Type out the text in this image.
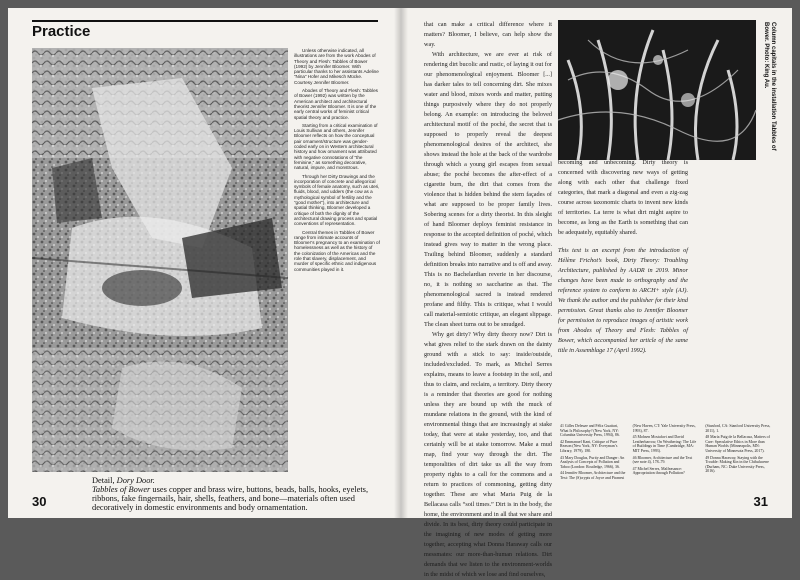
Practice

Unless otherwise indicated, all illustrations are from the work Abodes of Theory and Flesh: Tabbles of Bower (1992) by Jennifer Bloomer. With particular thanks to her assistants Adeline “Nina” Hofer and Mikesch Mücke. Courtesy Jennifer Bloomer.

Abodes of Theory and Flesh: Tabbles of Bower (1992) was written by the American architect and architectural theorist Jennifer Bloomer. It is one of the early central works of feminist critical spatial theory and practice.

Starting from a critical examination of Louis Sullivan and others, Jennifer Bloomer reflects on how the conceptual pair ornament/structure was gender-coded early on in Western architectural history and how ornament was attributed with negative connotations of “the feminine,” as something decorative, natural, impure, and monstrous.

Through her Dirty Drawings and the incorporation of concrete and allegorical symbols of female anatomy, such as uteri, fluids, blood, and udders (the cow as a mythological symbol of fertility and the “good mother”), into architecture and spatial thinking, Bloomer developed a critique of both the dignity of the architectural drawing process and spatial conventions of representation.

Central themes in Tabbles of Bower range from intimate accounts of Bloomer’s pregnancy to an examination of homelessness as well as the history of the colonization of the Americas and the role that slavery, displacement, and murder of specific ethnic and indigenous communities played in it.

Detail, Dory Door.
Tabbles of Bower uses copper and brass wire, buttons, beads, balls, hooks, eyelets, ribbons, fake fingernails, hair, shells, feathers, and bone—materials often used decoratively in domestic environments and body ornamentation.
30

that can make a critical difference where it matters? Bloomer, I believe, can help show the way.

With architecture, we are ever at risk of rendering dirt bucolic and rustic, of laying it out for our phenomenological enjoyment. Bloomer [...] has darker tales to tell concerning dirt. She mixes water and blood, mixes words and matter, putting things purposively where they do not properly belong. An example: on introducing the beloved architectural motif of the poché, the secret that is supposed to properly reveal the deepest phenomenological desires of the architect, she shows instead the hole at the back of the wardrobe through which a young girl escapes from sexual abuse; the poché becomes the after-effect of a cigarette burn, the dirt that comes from the violence that is hidden behind the stern façades of what are supposed to be proper family lives. Sobering scenes for a dirty theorist. In this sleight of hand Bloomer deploys feminist resistance in response to the accepted definition of poché, which instead gives way to matter in the wrong place. Trailing behind Bloomer, suddenly a standard definition breaks into narrative and is off and away. This is no Bachelardian reverie in her discourse, no, it is nothing so saccharine as that. The phenomenological sacred is instead rendered profane and filthy. This is critique, what I would call material-semiotic critique, an elegant slippage. The clean sheet turns out to be smudged.

Why get dirty? Why dirty theory now? Dirt is what gives relief to the stark drawn on the dainty ground with a stick to say: inside/outside, included/excluded. To mark, as Michel Serres explains, means to leave a footstep in the soil, and thus to claim, and reclaim, a territory. Dirty theory is a reminder that theories are good for nothing unless they are bound up with the muck of mundane relations in the ground, with the kind of environmental things that are increasingly at stake today, that were at stake yesterday, too, and that certainly will be at stake tomorrow. Make a mud map, find your way through the dirt. The temporalities of dirt take us all the way from property rights to a call for the commons and a return to practices of commoning, getting dirty together. These are what Maria Puig de la Bellacasa calls “soil times.” Dirt is in the body, the home, the environment and in all that we share and divide. In its best, dirty theory could participate in the imagining of new modes of getting more together, accepting what Donna Haraway calls our messmates: our more-than-human relations. Dirt demands that we listen to the environment-worlds in the midst of which we lose and find ourselves,

Column capitals in the installation Tabbles of Bower. Photo: King Au.

becoming and unbecoming. Dirty theory is concerned with discovering new ways of getting along with each other that challenge fixed categories, that mark a diagonal and even a zig-zag course across taxonomic charts to invent new kinds of territories. La terre is what dirt might aspire to become, as long as the Earth is something that can be adequately, equitably shared.

This text is an excerpt from the introduction of Hélène Frichot’s book, Dirty Theory: Troubling Architecture, published by AADR in 2019. Minor changes have been made to orthography and the reference system to conform to ARCH+ style (AJ). We thank the author and the publisher for their kind permission. Great thanks also to Jennifer Bloomer for permission to reproduce images of artistic work from Abodes of Theory and Flesh: Tabbles of Bower, which accompanied her article of the same title in Assemblage 17 (April 1992).

41 Gilles Deleuze and Félix Guattari, What Is Philosophy? (New York, NY: Columbia University Press, 1994), 86.

42 Emmanuel Kant, Critique of Pure Reason (New York, NY: Everyman’s Library, 1979), 180.

43 Mary Douglas, Purity and Danger: An Analysis of Concepts of Pollution and Taboo (London: Routledge, 1966), 36.

44 Jennifer Bloomer, Architecture and the Text: The (S)crypts of Joyce and Piranesi (New Haven, CT: Yale University Press, 1993), 87.

45 Mohsen Mostafavi and David Leatherbarrow, On Weathering: The Life of Buildings in Time (Cambridge, MA: MIT Press, 1993).

46 Bloomer, Architecture and the Text (see note 4), 178–79.

47 Michel Serres, Malfeasance: Appropriation through Pollution? (Stanford, CA: Stanford University Press, 2011), 1.

48 María Puig de la Bellacasa, Matters of Care: Speculative Ethics in More than Human Worlds (Minneapolis, MN: University of Minnesota Press, 2017).

49 Donna Haraway, Staying with the Trouble: Making Kin in the Chthulucene (Durham, NC: Duke University Press, 2016).

31
